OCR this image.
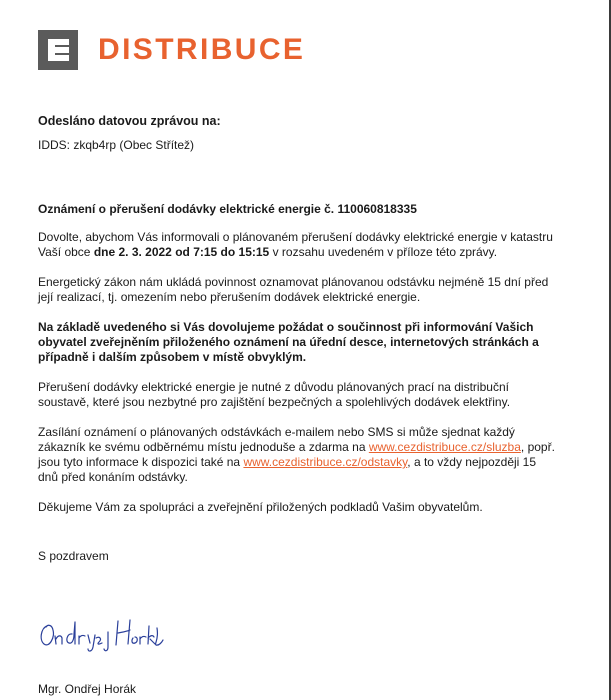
DISTRIBUCE

Odesláno datovou zprávou na:

IDDS: zkqb4rp (Obec Střítež)

Oznámení o přerušení dodávky elektrické energie č. 110060818335

Dovolte, abychom Vás informovali o plánovaném přerušení dodávky elektrické energie v katastru Vaší obce dne 2. 3. 2022 od 7:15 do 15:15 v rozsahu uvedeném v příloze této zprávy.

Energetický zákon nám ukládá povinnost oznamovat plánovanou odstávku nejméně 15 dní před její realizací, tj. omezením nebo přerušením dodávek elektrické energie.

Na základě uvedeného si Vás dovolujeme požádat o součinnost při informování Vašich obyvatel zveřejněním přiloženého oznámení na úřední desce, internetových stránkách a případně i dalším způsobem v místě obvyklým.

Přerušení dodávky elektrické energie je nutné z důvodu plánovaných prací na distribuční soustavě, které jsou nezbytné pro zajištění bezpečných a spolehlivých dodávek elektřiny.

Zasílání oznámení o plánovaných odstávkách e-mailem nebo SMS si může sjednat každý zákazník ke svému odběrnému místu jednoduše a zdarma na www.cezdistribuce.cz/sluzba, popř. jsou tyto informace k dispozici také na www.cezdistribuce.cz/odstavky, a to vždy nejpozději 15 dnů před konáním odstávky.

Děkujeme Vám za spolupráci a zveřejnění přiložených podkladů Vašim obyvatelům.

S pozdravem

Mgr. Ondřej Horák
